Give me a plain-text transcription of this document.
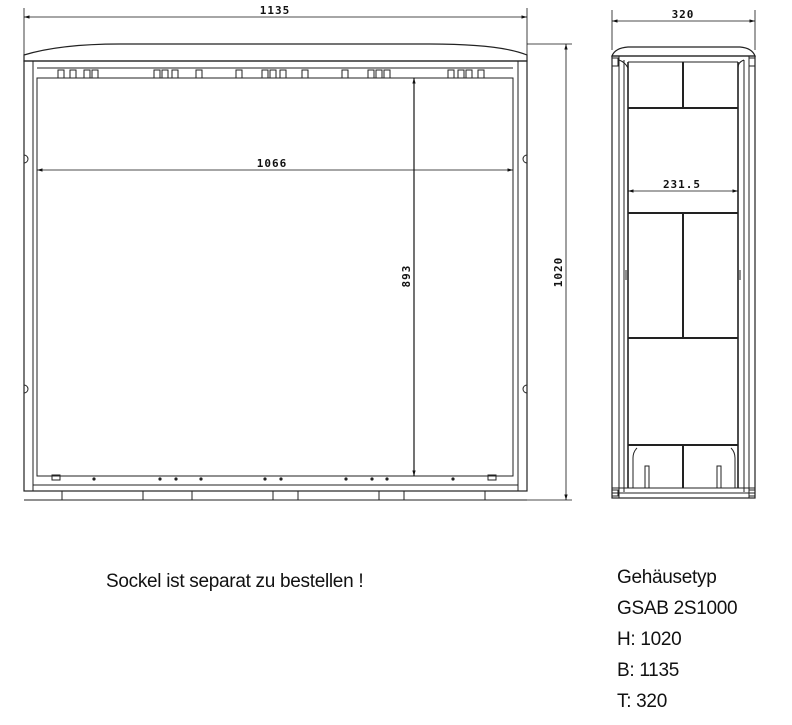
1135
1066
893	1020
320
231.5
Sockel ist separat zu bestellen !	Gehäusetyp
GSAB 2S1000
H: 1020
B: 1135
T: 320
